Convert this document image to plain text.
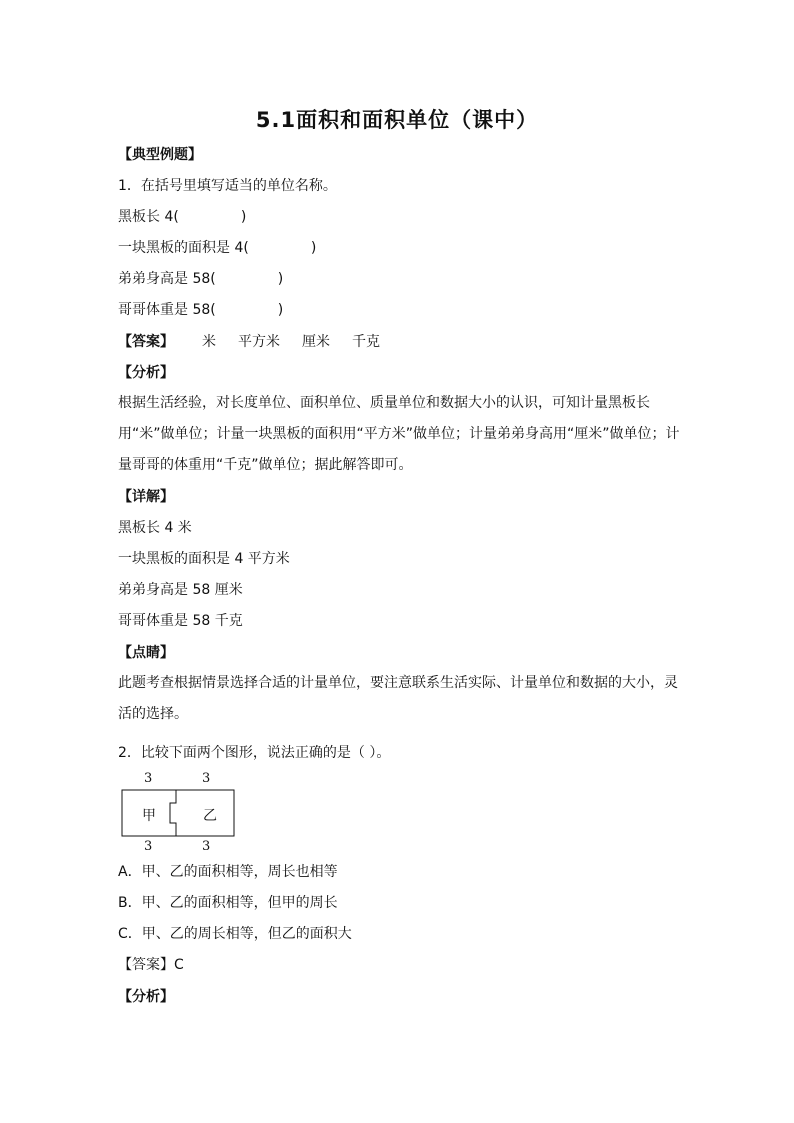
5.1面积和面积单位（课中）
【典型例题】
1．在括号里填写适当的单位名称。
黑板长 4(	)
一块黑板的面积是 4(	)
弟弟身高是 58(	)
哥哥体重是 58(	)
【答案】 米 平方米 厘米 千克
【分析】
根据生活经验，对长度单位、面积单位、质量单位和数据大小的认识，可知计量黑板长用“米”做单位；计量一块黑板的面积用“平方米”做单位；计量弟弟身高用“厘米”做单位；计量哥哥的体重用“千克”做单位；据此解答即可。
【详解】
黑板长 4 米
一块黑板的面积是 4 平方米
弟弟身高是 58 厘米
哥哥体重是 58 千克
【点睛】
此题考查根据情景选择合适的计量单位，要注意联系生活实际、计量单位和数据的大小，灵活的选择。
2．比较下面两个图形，说法正确的是（ ）。
3	3
甲	乙
3	3
A．甲、乙的面积相等，周长也相等
B．甲、乙的面积相等，但甲的周长
C．甲、乙的周长相等，但乙的面积大
【答案】C
【分析】
